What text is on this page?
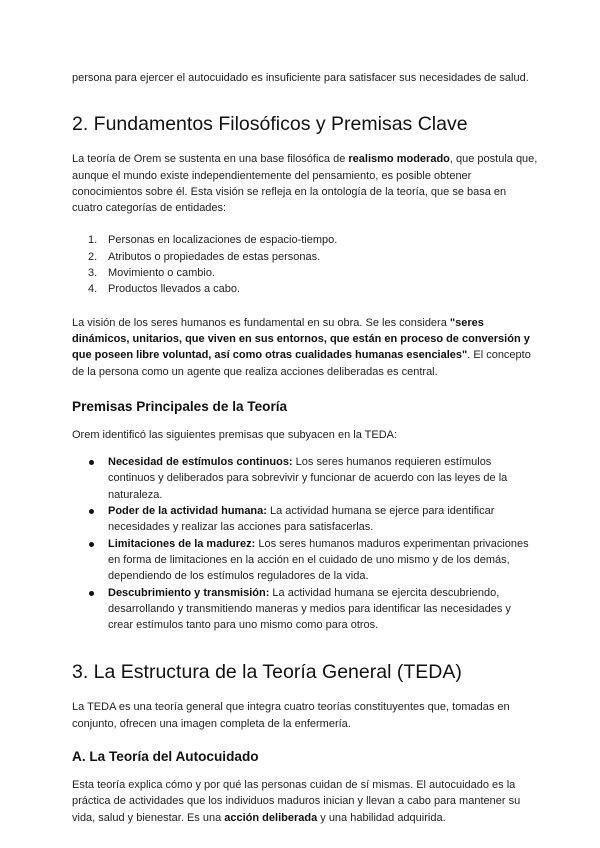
persona para ejercer el autocuidado es insuficiente para satisfacer sus necesidades de salud.

2. Fundamentos Filosóficos y Premisas Clave

La teoría de Orem se sustenta en una base filosófica de realismo moderado, que postula que, aunque el mundo existe independientemente del pensamiento, es posible obtener conocimientos sobre él. Esta visión se refleja en la ontología de la teoría, que se basa en cuatro categorías de entidades:

1. Personas en localizaciones de espacio-tiempo.
2. Atributos o propiedades de estas personas.
3. Movimiento o cambio.
4. Productos llevados a cabo.

La visión de los seres humanos es fundamental en su obra. Se les considera "seres dinámicos, unitarios, que viven en sus entornos, que están en proceso de conversión y que poseen libre voluntad, así como otras cualidades humanas esenciales". El concepto de la persona como un agente que realiza acciones deliberadas es central.

Premisas Principales de la Teoría

Orem identificó las siguientes premisas que subyacen en la TEDA:

Necesidad de estímulos continuos: Los seres humanos requieren estímulos continuos y deliberados para sobrevivir y funcionar de acuerdo con las leyes de la naturaleza.
Poder de la actividad humana: La actividad humana se ejerce para identificar necesidades y realizar las acciones para satisfacerlas.
Limitaciones de la madurez: Los seres humanos maduros experimentan privaciones en forma de limitaciones en la acción en el cuidado de uno mismo y de los demás, dependiendo de los estímulos reguladores de la vida.
Descubrimiento y transmisión: La actividad humana se ejercita descubriendo, desarrollando y transmitiendo maneras y medios para identificar las necesidades y crear estímulos tanto para uno mismo como para otros.
3. La Estructura de la Teoría General (TEDA)

La TEDA es una teoría general que integra cuatro teorías constituyentes que, tomadas en conjunto, ofrecen una imagen completa de la enfermería.

A. La Teoría del Autocuidado

Esta teoría explica cómo y por qué las personas cuidan de sí mismas. El autocuidado es la práctica de actividades que los individuos maduros inician y llevan a cabo para mantener su vida, salud y bienestar. Es una acción deliberada y una habilidad adquirida.
